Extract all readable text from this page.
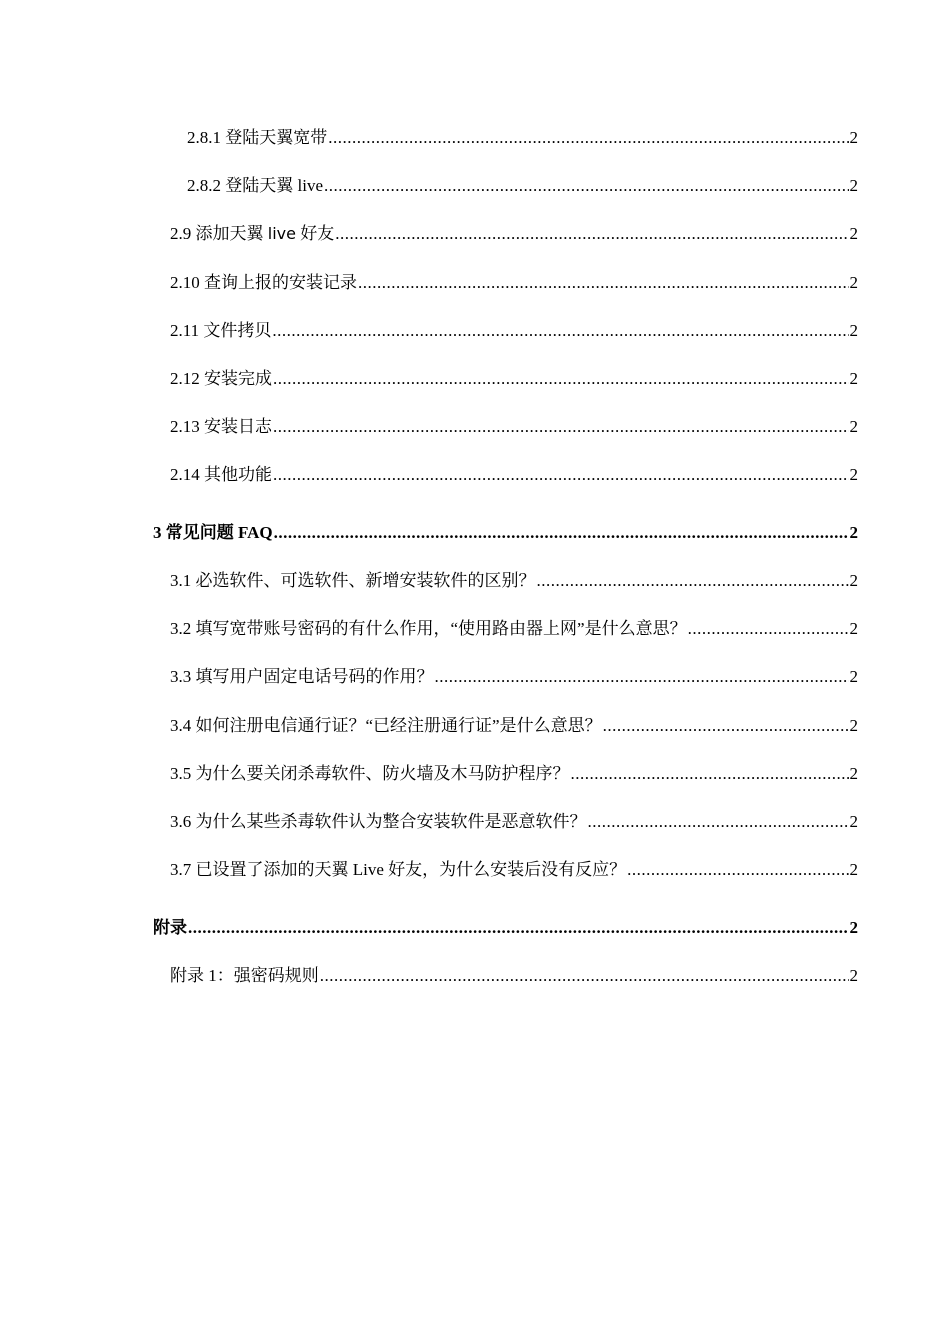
2.8.1 登陆天翼宽带 .....	2
2.8.2 登陆天翼 live .....	2
2.9 添加天翼 live 好友 .....	2
2.10 查询上报的安装记录 .....	2
2.11 文件拷贝 .....	2
2.12 安装完成 .....	2
2.13 安装日志 .....	2
2.14 其他功能 .....	2
3 常见问题 FAQ .....	2
3.1 必选软件、可选软件、新增安装软件的区别？ .....	2
3.2 填写宽带账号密码的有什么作用，“使用路由器上网”是什么意思？ .....	2
3.3 填写用户固定电话号码的作用？ .....	2
3.4 如何注册电信通行证？“已经注册通行证”是什么意思？ .....	2
3.5 为什么要关闭杀毒软件、防火墙及木马防护程序？ .....	2
3.6 为什么某些杀毒软件认为整合安装软件是恶意软件？ .....	2
3.7 已设置了添加的天翼 Live 好友，为什么安装后没有反应？ .....	2
附录 .....	2
附录 1：强密码规则 .....	2
